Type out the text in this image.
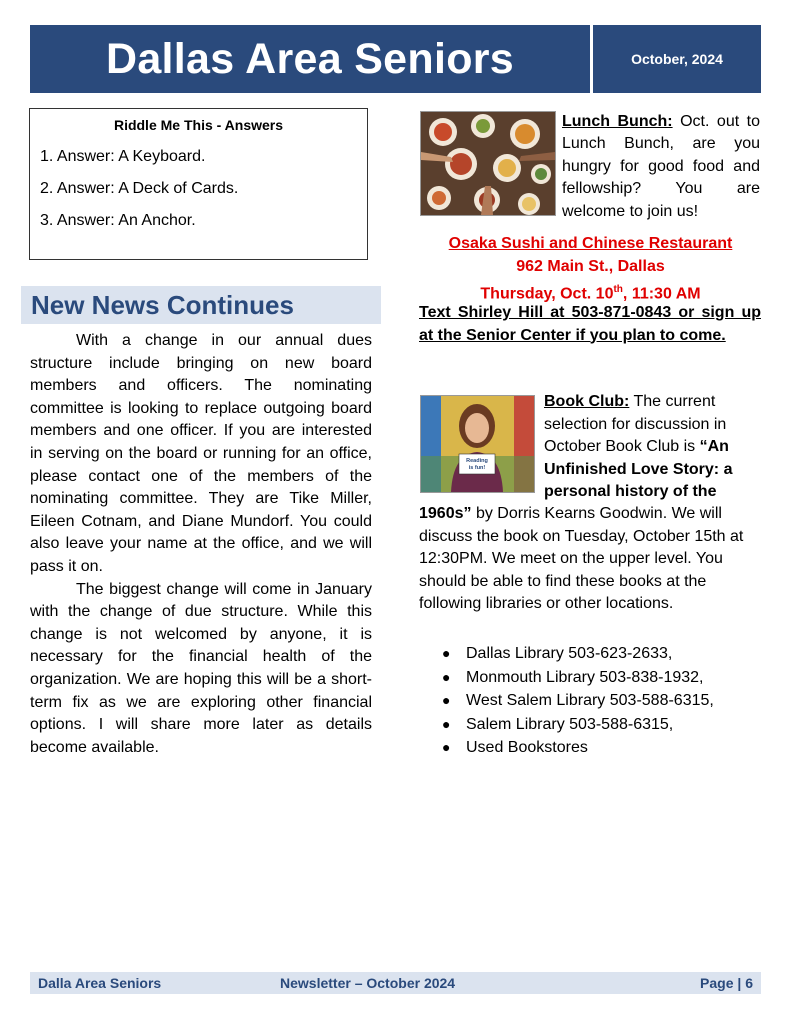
Dallas Area Seniors	October, 2024
Riddle Me This - Answers
1. Answer: A Keyboard.
2. Answer: A Deck of Cards.
3. Answer: An Anchor.
New News Continues

With a change in our annual dues structure include bringing on new board members and officers. The nominating committee is looking to replace outgoing board members and one officer. If you are interested in serving on the board or running for an office, please contact one of the members of the nominating committee. They are Tike Miller, Eileen Cotnam, and Diane Mundorf. You could also leave your name at the office, and we will pass it on.

The biggest change will come in January with the change of due structure. While this change is not welcomed by anyone, it is necessary for the financial health of the organization. We are hoping this will be a short-term fix as we are exploring other financial options. I will share more later as details become available.

Lunch Bunch: Oct. out to Lunch Bunch, are you hungry for good food and fellowship? You are welcome to join us!
Osaka Sushi and Chinese Restaurant
962 Main St., Dallas
Thursday, Oct. 10th, 11:30 AM
Text Shirley Hill at 503-871-0843 or sign up at the Senior Center if you plan to come.
Reading
is fun!
Book Club: The current selection for discussion in October Book Club is “An Unfinished Love Story: a personal history of the
1960s” by Dorris Kearns Goodwin. We will discuss the book on Tuesday, October 15th at 12:30PM. We meet on the upper level. You should be able to find these books at the following libraries or other locations.
● Dallas Library 503-623-2633,
● Monmouth Library 503-838-1932,
● West Salem Library 503-588-6315,
● Salem Library 503-588-6315,
● Used Bookstores
Dalla Area Seniors	Newsletter – October 2024	Page | 6
